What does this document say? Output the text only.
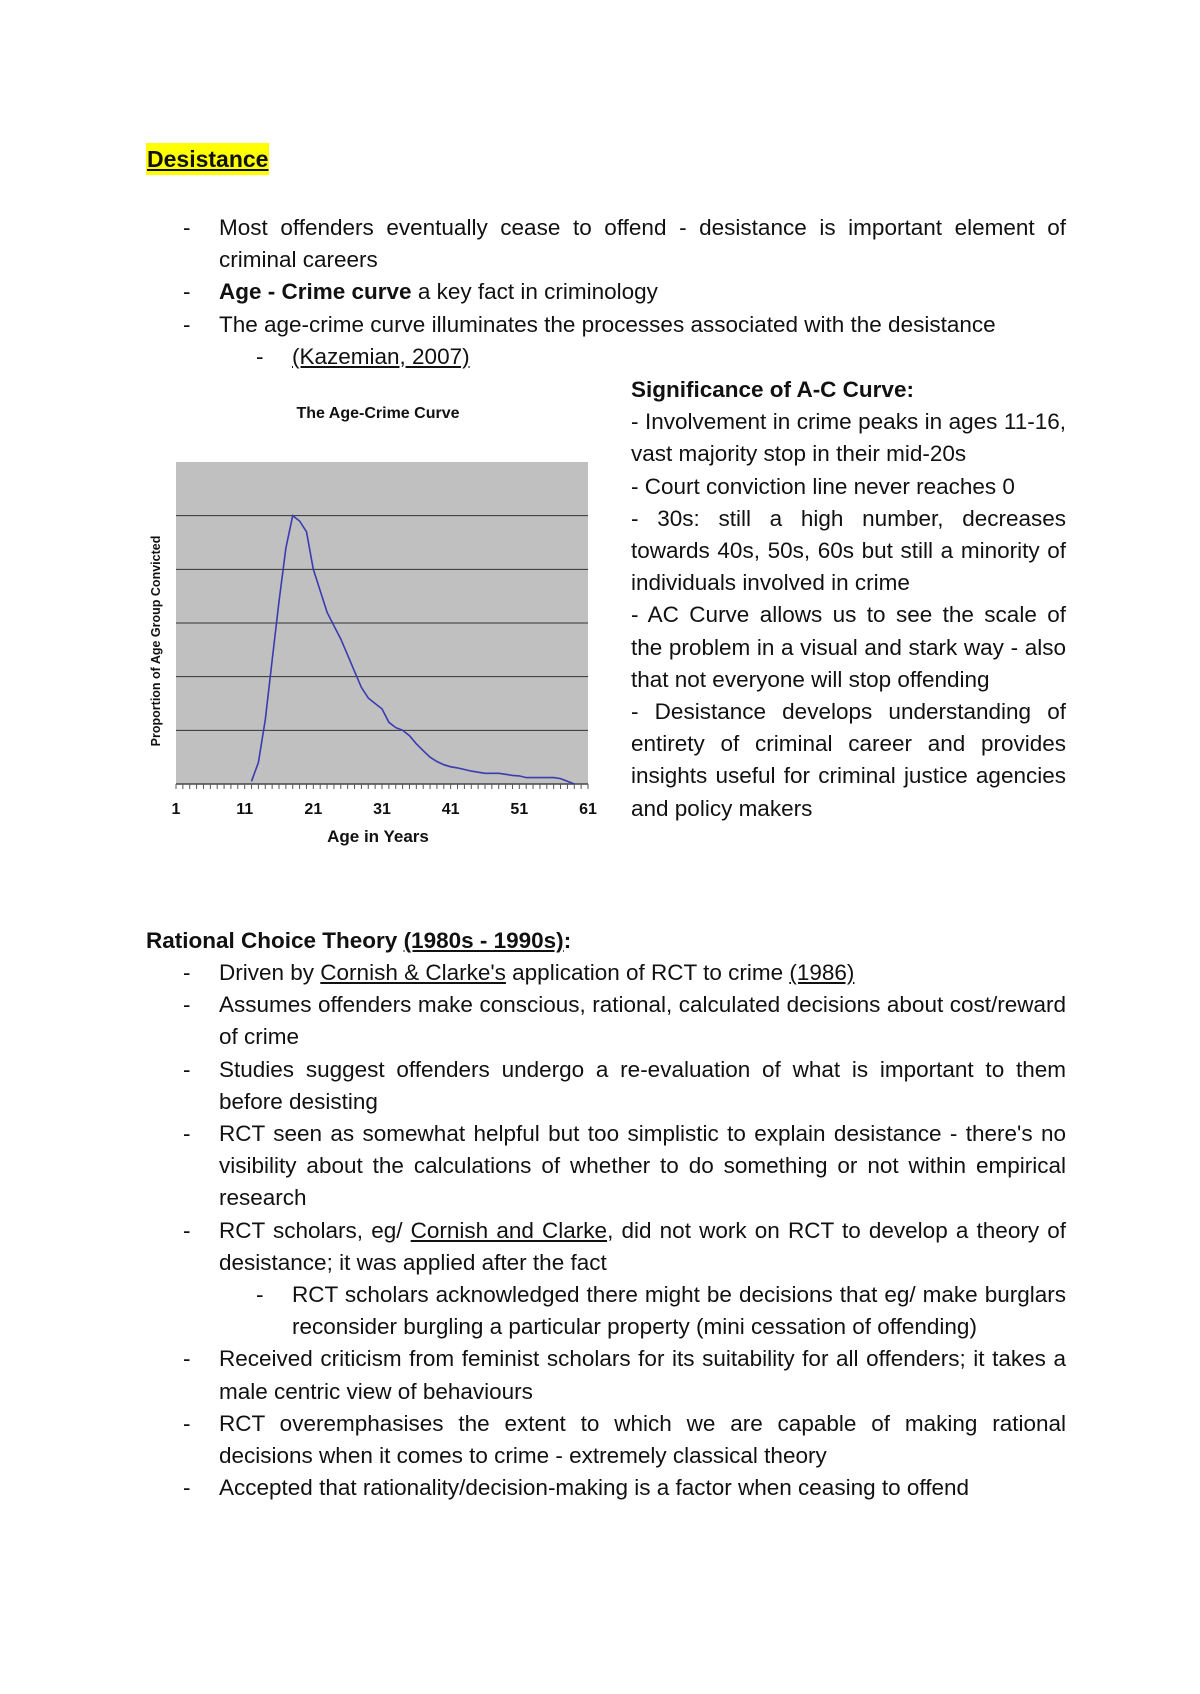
Desistance
- Most offenders eventually cease to offend - desistance is important element of criminal careers
- Age - Crime curve a key fact in criminology
- The age-crime curve illuminates the processes associated with the desistance
- (Kazemian, 2007)

Significance of A-C Curve:

- Involvement in crime peaks in ages 11-16, vast majority stop in their mid-20s

- Court conviction line never reaches 0

- 30s: still a high number, decreases towards 40s, 50s, 60s but still a minority of individuals involved in crime

- AC Curve allows us to see the scale of the problem in a visual and stark way - also that not everyone will stop offending

- Desistance develops understanding of entirety of criminal career and provides insights useful for criminal justice agencies and policy makers

The Age-Crime Curve
1	11	21	31	41	51	61
Age in Years
Proportion of Age Group Convicted
Rational Choice Theory (1980s - 1990s):
- Driven by Cornish & Clarke's application of RCT to crime (1986)
- Assumes offenders make conscious, rational, calculated decisions about cost/reward of crime
- Studies suggest offenders undergo a re-evaluation of what is important to them before desisting
- RCT seen as somewhat helpful but too simplistic to explain desistance - there's no visibility about the calculations of whether to do something or not within empirical research
- RCT scholars, eg/ Cornish and Clarke, did not work on RCT to develop a theory of desistance; it was applied after the fact
- RCT scholars acknowledged there might be decisions that eg/ make burglars reconsider burgling a particular property (mini cessation of offending)
- Received criticism from feminist scholars for its suitability for all offenders; it takes a male centric view of behaviours
- RCT overemphasises the extent to which we are capable of making rational decisions when it comes to crime - extremely classical theory
- Accepted that rationality/decision-making is a factor when ceasing to offend
